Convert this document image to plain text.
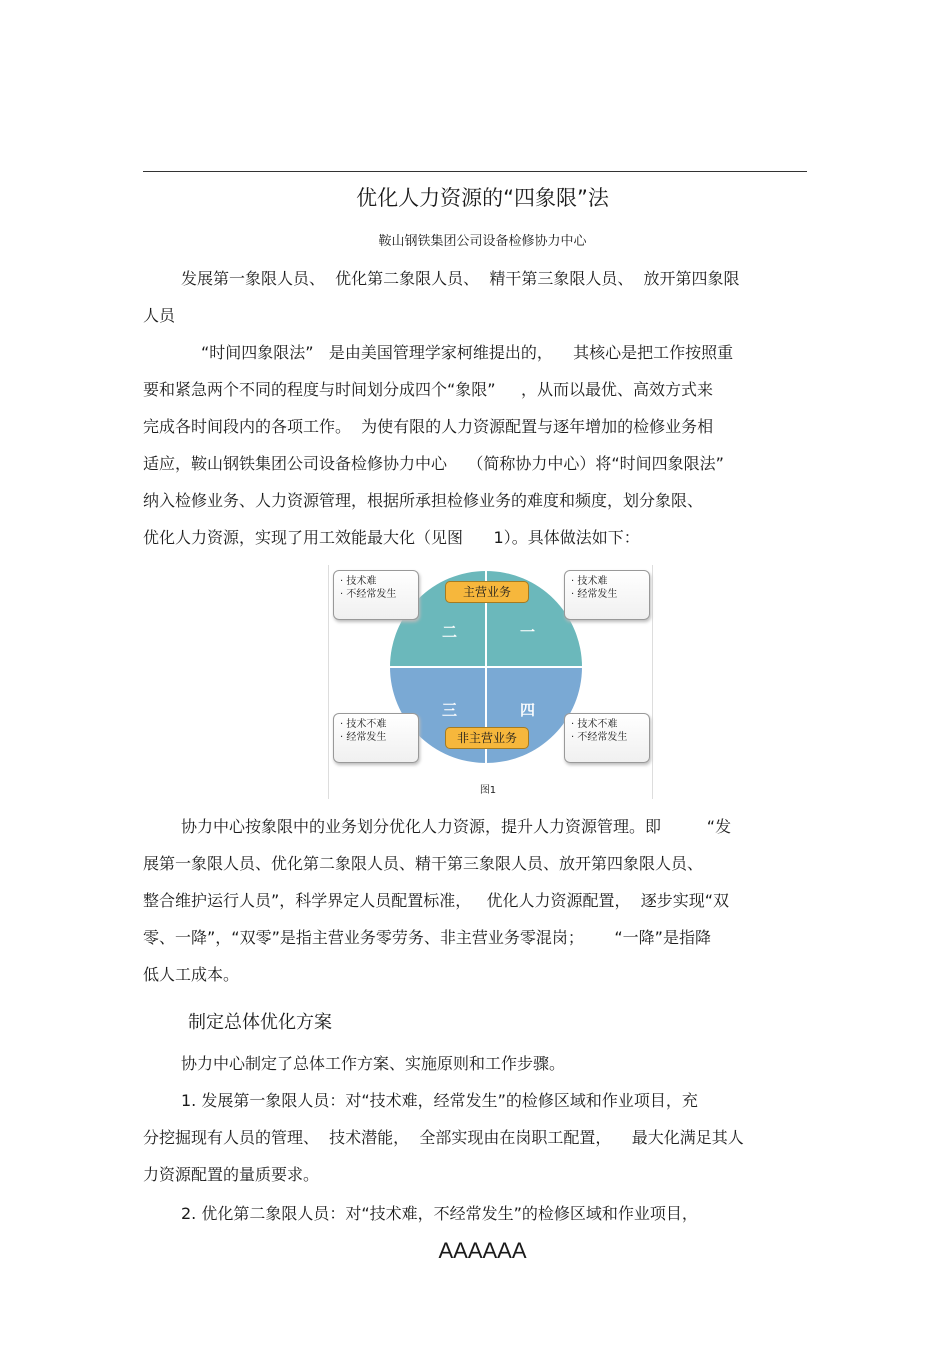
优化人力资源的“四象限”法
鞍山钢铁集团公司设备检修协力中心

发展第一象限人员、  优化第二象限人员、  精干第三象限人员、  放开第四象限
人员

“时间四象限法”   是由美国管理学家柯维提出的，    其核心是把工作按照重
要和紧急两个不同的程度与时间划分成四个“象限”     ，从而以最优、高效方式来
完成各时间段内的各项工作。  为使有限的人力资源配置与逐年增加的检修业务相
适应，鞍山钢铁集团公司设备检修协力中心    （简称协力中心）将“时间四象限法”
纳入检修业务、人力资源管理，根据所承担检修业务的难度和频度，划分象限、
优化人力资源，实现了用工效能最大化（见图      1）。具体做法如下：

二	一
三	四
主营业务
非主营业务
· 技术难
· 不经常发生
· 技术难
· 经常发生
· 技术不难
· 经常发生
· 技术不难
· 不经常发生
图1

协力中心按象限中的业务划分优化人力资源，提升人力资源管理。即         “发
展第一象限人员、优化第二象限人员、精干第三象限人员、放开第四象限人员、
整合维护运行人员”，科学界定人员配置标准，   优化人力资源配置，  逐步实现“双
零、一降”，“双零”是指主营业务零劳务、非主营业务零混岗；      “一降”是指降
低人工成本。

制定总体优化方案

协力中心制定了总体工作方案、实施原则和工作步骤。

1. 发展第一象限人员：对“技术难，经常发生”的检修区域和作业项目，充
分挖掘现有人员的管理、  技术潜能，  全部实现由在岗职工配置，    最大化满足其人
力资源配置的量质要求。

2. 优化第二象限人员：对“技术难，不经常发生”的检修区域和作业项目，

AAAAAA
